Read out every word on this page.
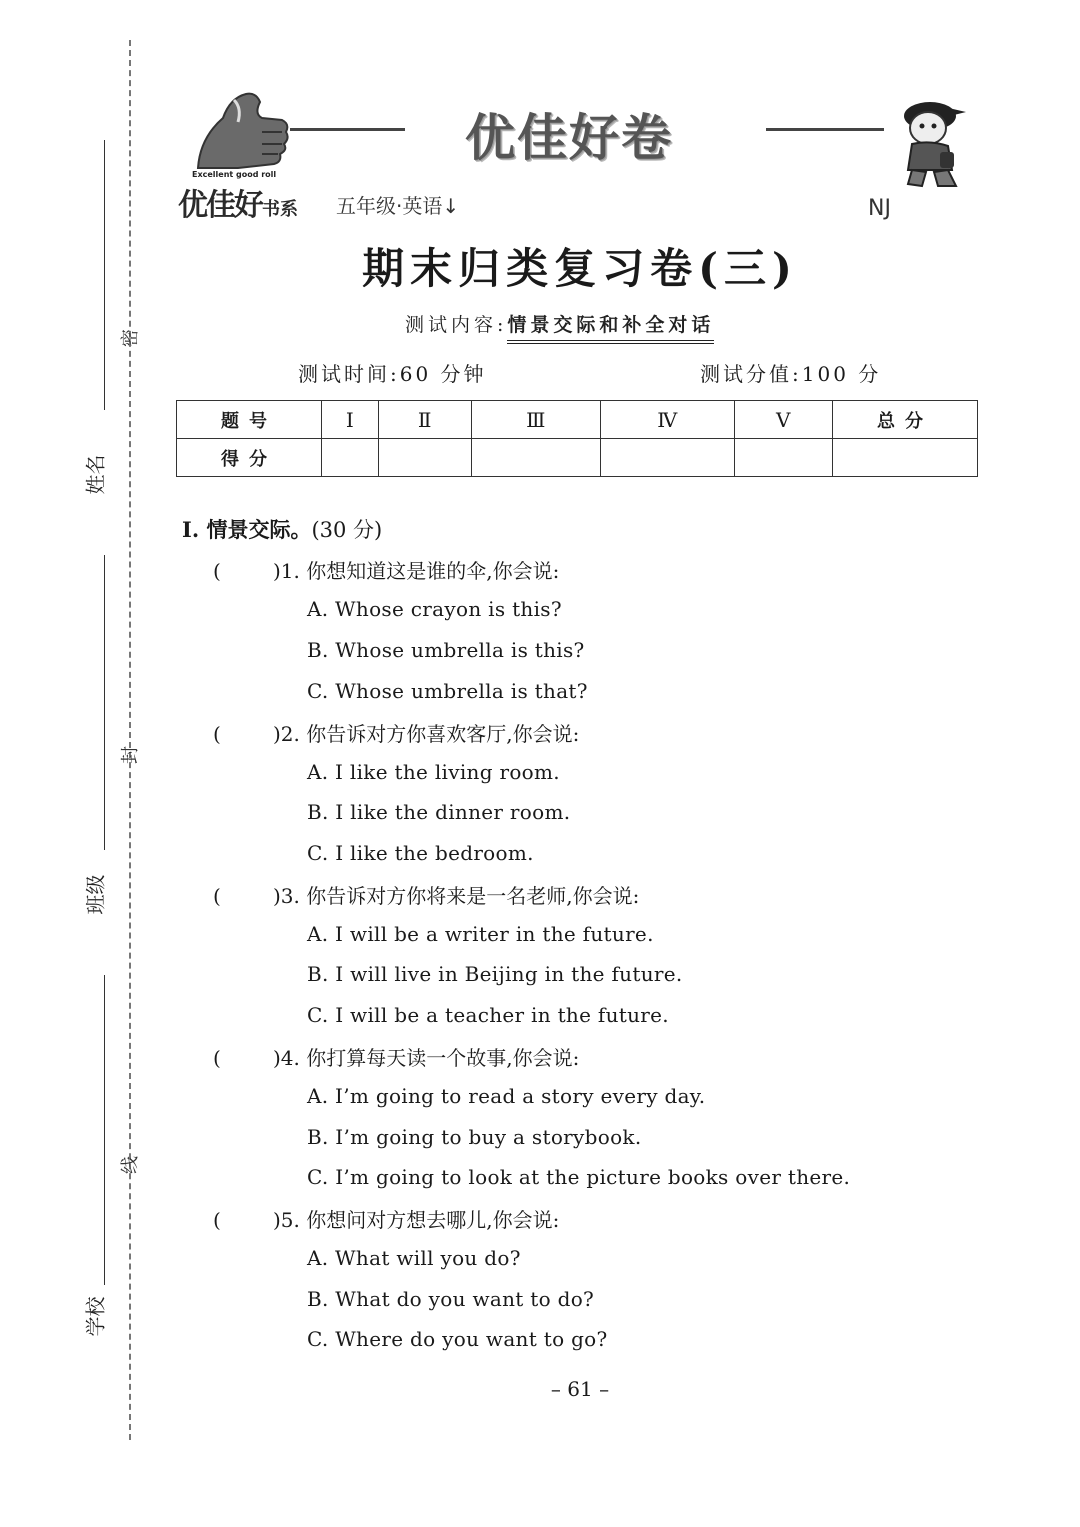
姓名
班级
学校
密
封
线
Excellent good roll
优佳好卷
优佳好书系 五年级·英语↓	NJ
期末归类复习卷(三)
测试内容:情景交际和补全对话
测试时间:60 分钟	测试分值:100 分
题号	Ⅰ	Ⅱ	Ⅲ	Ⅳ	Ⅴ	总分
得分						
Ⅰ. 情景交际。(30 分)
(	)1. 你想知道这是谁的伞,你会说:
A. Whose crayon is this?
B. Whose umbrella is this?
C. Whose umbrella is that?
(	)2. 你告诉对方你喜欢客厅,你会说:
A. I like the living room.
B. I like the dinner room.
C. I like the bedroom.
(	)3. 你告诉对方你将来是一名老师,你会说:
A. I will be a writer in the future.
B. I will live in Beijing in the future.
C. I will be a teacher in the future.
(	)4. 你打算每天读一个故事,你会说:
A. I’m going to read a story every day.
B. I’m going to buy a storybook.
C. I’m going to look at the picture books over there.
(	)5. 你想问对方想去哪儿,你会说:
A. What will you do?
B. What do you want to do?
C. Where do you want to go?
– 61 –
